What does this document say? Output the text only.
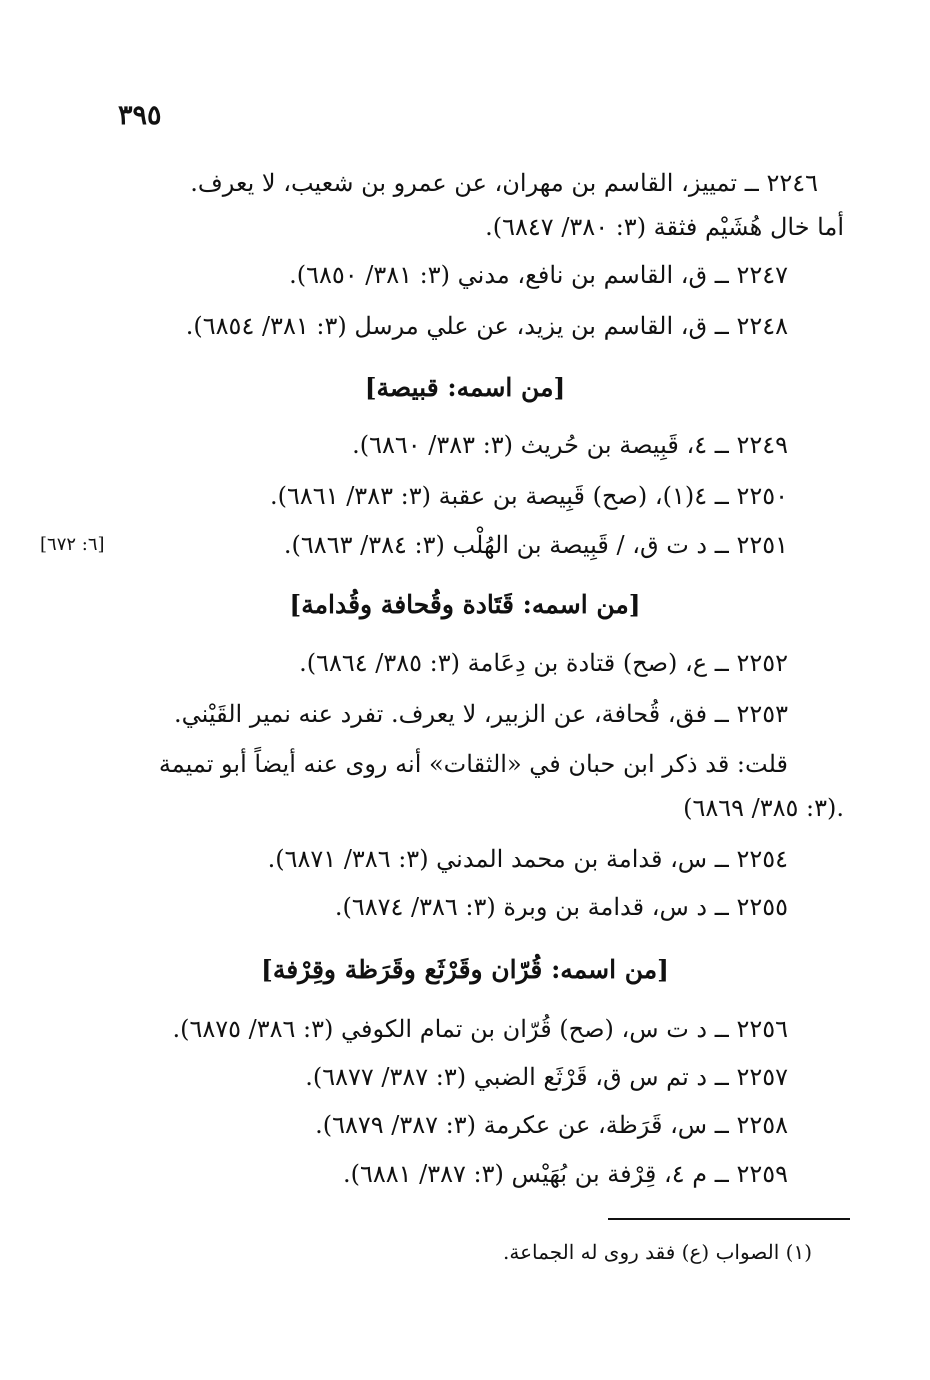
٣٩٥
٢٢٤٦ ــ تمييز، القاسم بن مهران، عن عمرو بن شعيب، لا يعرف.
أما خال هُشَيْم فثقة (٣: ٣٨٠/ ٦٨٤٧).
٢٢٤٧ ــ ق، القاسم بن نافع، مدني (٣: ٣٨١/ ٦٨٥٠).
٢٢٤٨ ــ ق، القاسم بن يزيد، عن علي مرسل (٣: ٣٨١/ ٦٨٥٤).
[من اسمه: قبيصة]
٢٢٤٩ ــ ٤، قَبِيصة بن حُريث (٣: ٣٨٣/ ٦٨٦٠).
٢٢٥٠ ــ ٤(١)، (صح) قَبِيصة بن عقبة (٣: ٣٨٣/ ٦٨٦١).
٢٢٥١ ــ د ت ق، / قَبِيصة بن الهُلْب (٣: ٣٨٤/ ٦٨٦٣).
[٦: ٦٧٢]
[من اسمه: قَتَادة وقُحافة وقُدامة]
٢٢٥٢ ــ ع، (صح) قتادة بن دِعَامة (٣: ٣٨٥/ ٦٨٦٤).
٢٢٥٣ ــ فق، قُحافة، عن الزبير، لا يعرف. تفرد عنه نمير القَيْني.
قلت: قد ذكر ابن حبان في «الثقات» أنه روى عنه أيضاً أبو تميمة
(٣: ٣٨٥/ ٦٨٦٩).
٢٢٥٤ ــ س، قدامة بن محمد المدني (٣: ٣٨٦/ ٦٨٧١).
٢٢٥٥ ــ د س، قدامة بن وبرة (٣: ٣٨٦/ ٦٨٧٤).
[من اسمه: قُرّان وقَرْثَع وقَرَظة وقِرْفة]
٢٢٥٦ ــ د ت س، (صح) قُرّان بن تمام الكوفي (٣: ٣٨٦/ ٦٨٧٥).
٢٢٥٧ ــ د تم س ق، قَرْثَع الضبي (٣: ٣٨٧/ ٦٨٧٧).
٢٢٥٨ ــ س، قَرَظة، عن عكرمة (٣: ٣٨٧/ ٦٨٧٩).
٢٢٥٩ ــ م ٤، قِرْفة بن بُهَيْس (٣: ٣٨٧/ ٦٨٨١).
(١) الصواب (ع) فقد روى له الجماعة.
